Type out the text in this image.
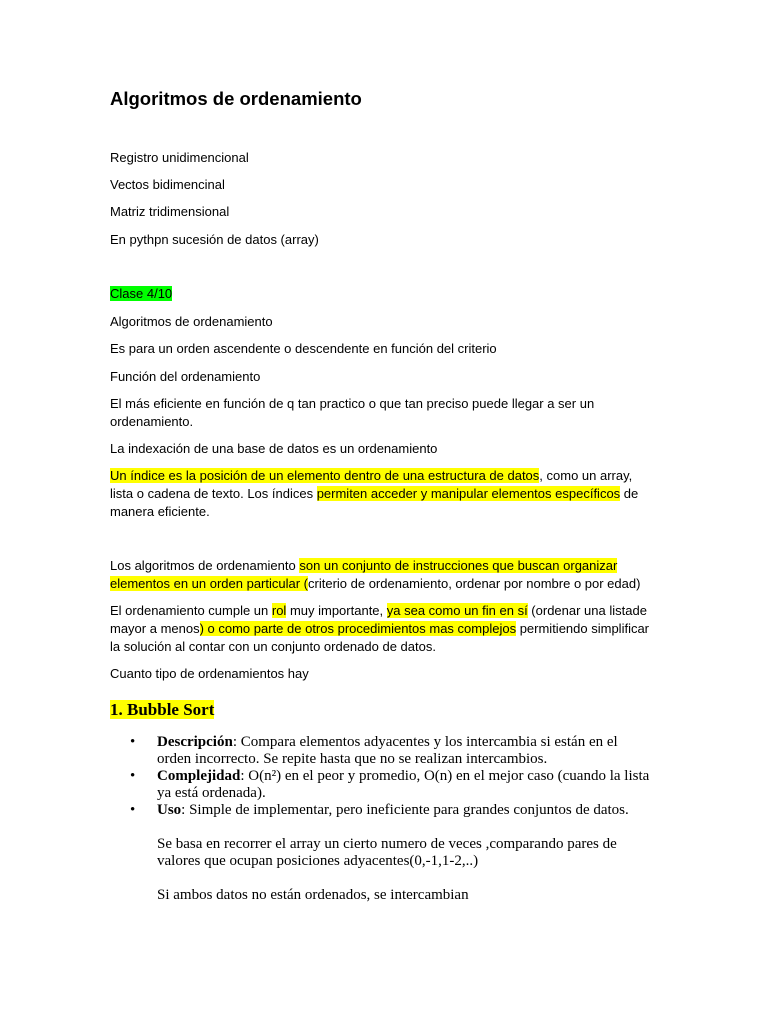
Algoritmos de ordenamiento

Registro unidimencional

Vectos bidimencinal

Matriz tridimensional

En pythpn sucesión de datos (array)

Clase 4/10

Algoritmos de ordenamiento

Es para un orden ascendente o descendente en función del criterio

Función del ordenamiento

El más eficiente en función de q tan practico o que tan preciso puede llegar a ser un ordenamiento.

La indexación de una base de datos es un ordenamiento

Un índice es la posición de un elemento dentro de una estructura de datos, como un array, lista o cadena de texto. Los índices permiten acceder y manipular elementos específicos de manera eficiente.

Los algoritmos de ordenamiento son un conjunto de instrucciones que buscan organizar elementos en un orden particular (criterio de ordenamiento, ordenar por nombre o por edad)

El ordenamiento cumple un rol muy importante, ya sea como un fin en sí (ordenar una listade mayor a menos) o como parte de otros procedimientos mas complejos permitiendo simplificar la solución al contar con un conjunto ordenado de datos.

Cuanto tipo de ordenamientos hay

1. Bubble Sort
• Descripción: Compara elementos adyacentes y los intercambia si están en el orden incorrecto. Se repite hasta que no se realizan intercambios.
• Complejidad: O(n²) en el peor y promedio, O(n) en el mejor caso (cuando la lista ya está ordenada).
• Uso: Simple de implementar, pero ineficiente para grandes conjuntos de datos.

Se basa en recorrer el array un cierto numero de veces ,comparando pares de valores que ocupan posiciones adyacentes(0,-1,1-2,..)

Si ambos datos no están ordenados, se intercambian
